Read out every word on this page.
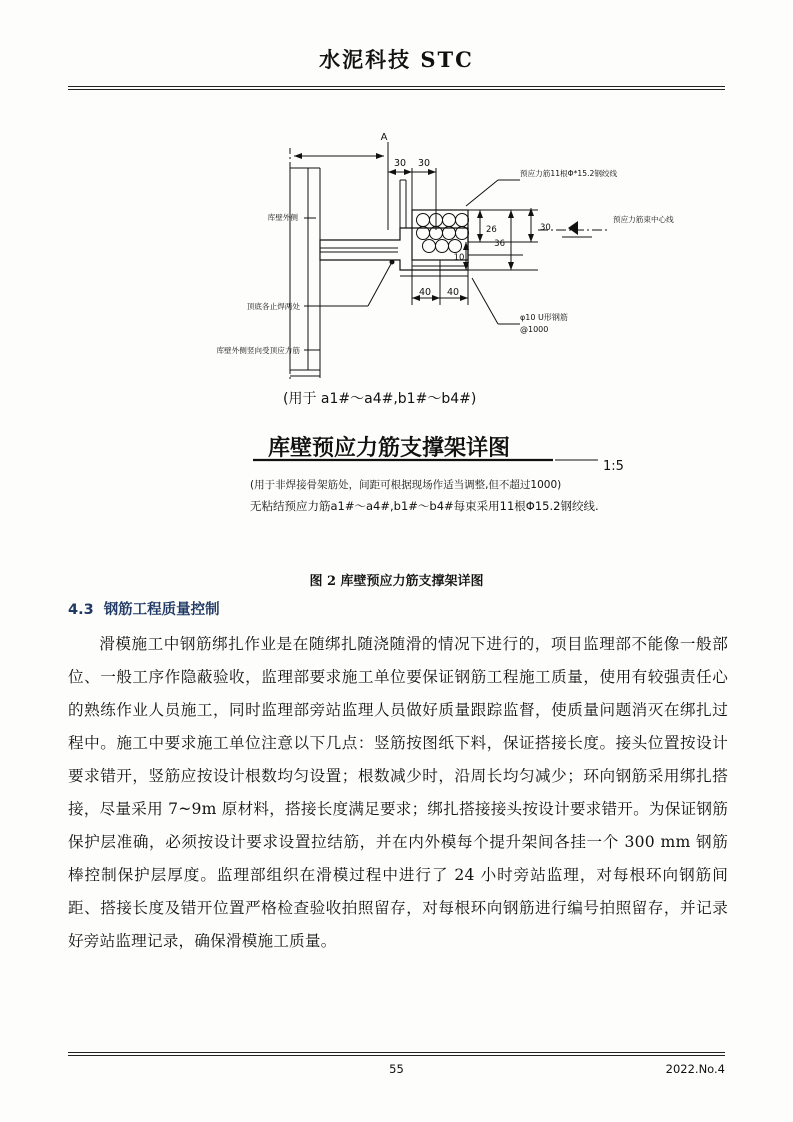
水泥科技 STC
A
30 30
预应力筋11根Φ*15.2钢绞线
预应力筋束中心线
库壁外侧
顶底各止焊两处
库壁外侧竖向受顶应力筋
10
26
36
30
40 40
φ10 U形钢筋
@1000
(用于 a1#～a4#,b1#～b4#)
库壁预应力筋支撑架详图
1:5
(用于非焊接骨架筋处，间距可根据现场作适当调整,但不超过1000)
无粘结预应力筋a1#～a4#,b1#～b4#每束采用11根Φ15.2钢绞线.
图 2 库壁预应力筋支撑架详图
4.3 钢筋工程质量控制
滑模施工中钢筋绑扎作业是在随绑扎随浇随滑的情况下进行的，项目监理部不能像一般部位、一般工序作隐蔽验收，监理部要求施工单位要保证钢筋工程施工质量，使用有较强责任心的熟练作业人员施工，同时监理部旁站监理人员做好质量跟踪监督，使质量问题消灭在绑扎过程中。施工中要求施工单位注意以下几点：竖筋按图纸下料，保证搭接长度。接头位置按设计要求错开，竖筋应按设计根数均匀设置；根数减少时，沿周长均匀减少；环向钢筋采用绑扎搭接，尽量采用 7~9m 原材料，搭接长度满足要求；绑扎搭接接头按设计要求错开。为保证钢筋保护层准确，必须按设计要求设置拉结筋，并在内外模每个提升架间各挂一个 300 mm 钢筋棒控制保护层厚度。监理部组织在滑模过程中进行了 24 小时旁站监理，对每根环向钢筋间距、搭接长度及错开位置严格检查验收拍照留存，对每根环向钢筋进行编号拍照留存，并记录好旁站监理记录，确保滑模施工质量。
55	2022.No.4
